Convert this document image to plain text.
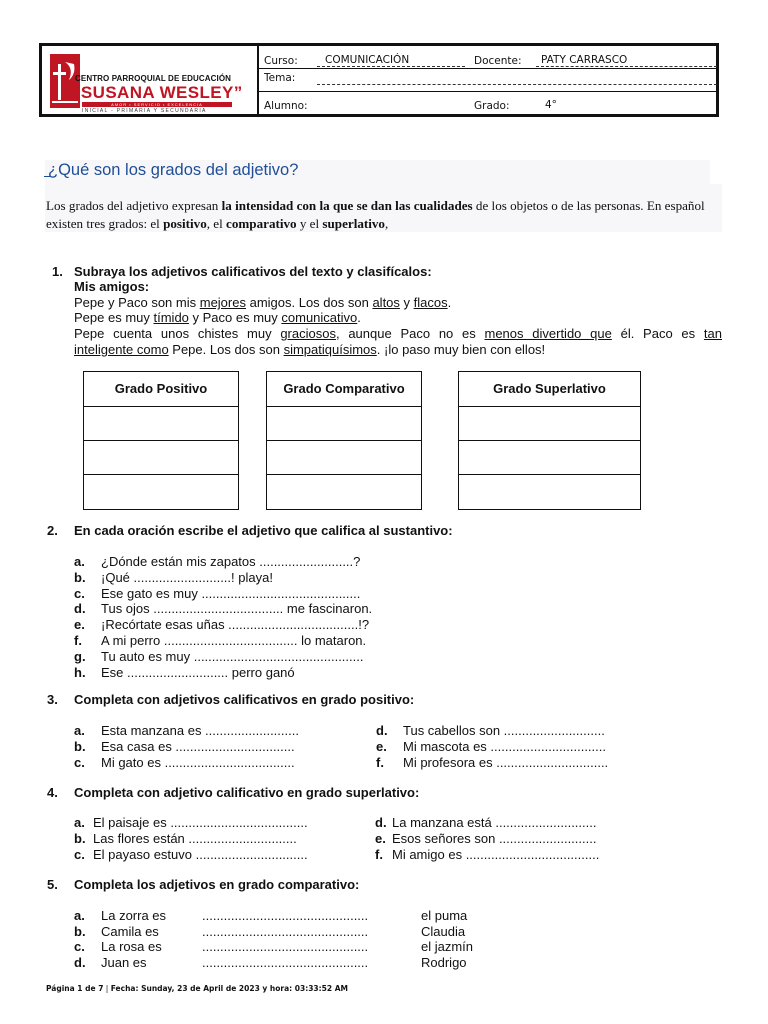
CENTRO PARROQUIAL DE EDUCACIÓN
“SUSANA WESLEY”
AMOR • SERVICIO • EXCELENCIA
INICIAL - PRIMARIA Y SECUNDARIA
Curso:	COMUNICACIÓN	Docente: PATY CARRASCO
Tema:
Alumno:	Grado:	4°
¿Qué son los grados del adjetivo?
Los grados del adjetivo expresan la intensidad con la que se dan las cualidades de los objetos o de las personas. En español existen tres grados: el positivo, el comparativo y el superlativo,
1. Subraya los adjetivos calificativos del texto y clasifícalos:
Mis amigos:
Pepe y Paco son mis mejores amigos. Los dos son altos y flacos.
Pepe es muy tímido y Paco es muy comunicativo.
Pepe cuenta unos chistes muy graciosos, aunque Paco no es menos divertido que él. Paco es tan
inteligente como Pepe. Los dos son simpatiquísimos. ¡lo paso muy bien con ellos!
Grado Positivo	Grado Comparativo	Grado Superlativo
2. En cada oración escribe el adjetivo que califica al sustantivo:
a. ¿Dónde están mis zapatos ..........................?
b. ¡Qué ...........................! playa!
c. Ese gato es muy ............................................
d. Tus ojos .................................... me fascinaron.
e. ¡Recórtate esas uñas ....................................!?
f. A mi perro ..................................... lo mataron.
g. Tu auto es muy ...............................................
h. Ese ............................ perro ganó
3. Completa con adjetivos calificativos en grado positivo:
a. Esta manzana es ..........................
b. Esa casa es .................................
c. Mi gato es ....................................
d. Tus cabellos son ............................
e. Mi mascota es ................................
f. Mi profesora es ...............................
4. Completa con adjetivo calificativo en grado superlativo:
a. El paisaje es ......................................
b. Las flores están ..............................
c. El payaso estuvo ...............................
d. La manzana está ............................
e. Esos señores son ...........................
f. Mi amigo es .....................................
5. Completa los adjetivos en grado comparativo:
a. La zorra es	..............................................	el puma
b. Camila es	..............................................	Claudia
c. La rosa es	..............................................	el jazmín
d. Juan es	..............................................	Rodrigo
Página 1 de 7 | Fecha: Sunday, 23 de April de 2023 y hora: 03:33:52 AM
